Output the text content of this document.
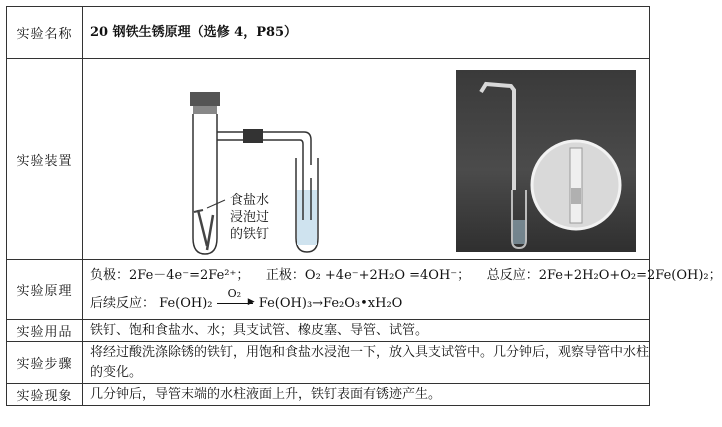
实验名称	20 钢铁生锈原理（选修 4，P85）
实验装置	食盐水
浸泡过
的铁钉

实验原理	负极：2Fe－4e⁻=2Fe²⁺； 正极：O₂ +4e⁻+2H₂O =4OH⁻； 总反应：2Fe+2H₂O+O₂=2Fe(OH)₂；
后续反应： Fe(OH)₂
O₂
▶ Fe(OH)₃→Fe₂O₃•xH₂O

实验用品	铁钉、饱和食盐水、水；具支试管、橡皮塞、导管、试管。
实验步骤	将经过酸洗涤除锈的铁钉，用饱和食盐水浸泡一下，放入具支试管中。几分钟后，观察导管中水柱的变化。
实验现象	几分钟后，导管末端的水柱液面上升，铁钉表面有锈迹产生。
